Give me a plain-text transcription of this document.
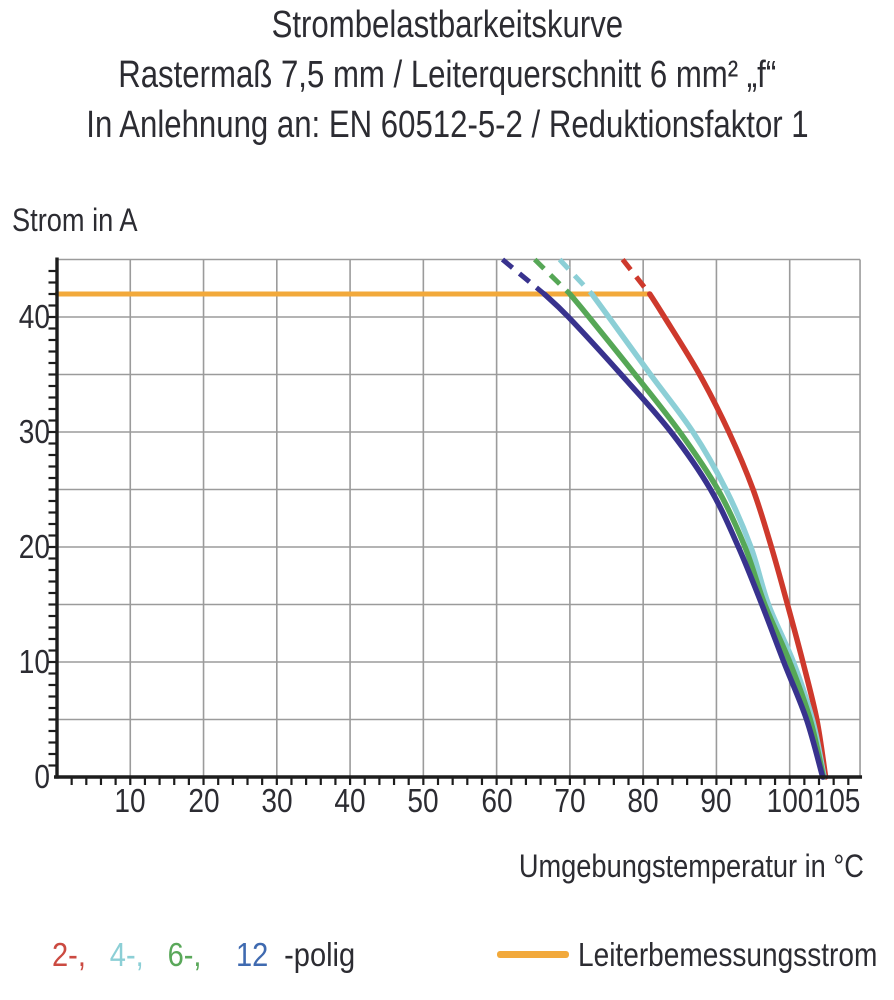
Strombelastbarkeitskurve
Rastermaß 7,5 mm / Leiterquerschnitt 6 mm² „f“
In Anlehnung an: EN 60512-5-2 / Reduktionsfaktor 1
Strom in A
10 20 30 40 50 60 70 80 90 100 105
0
10
20
30
40
Umgebungstemperatur in °C
2-, 4-, 6-, 12 -polig	Leiterbemessungsstrom
